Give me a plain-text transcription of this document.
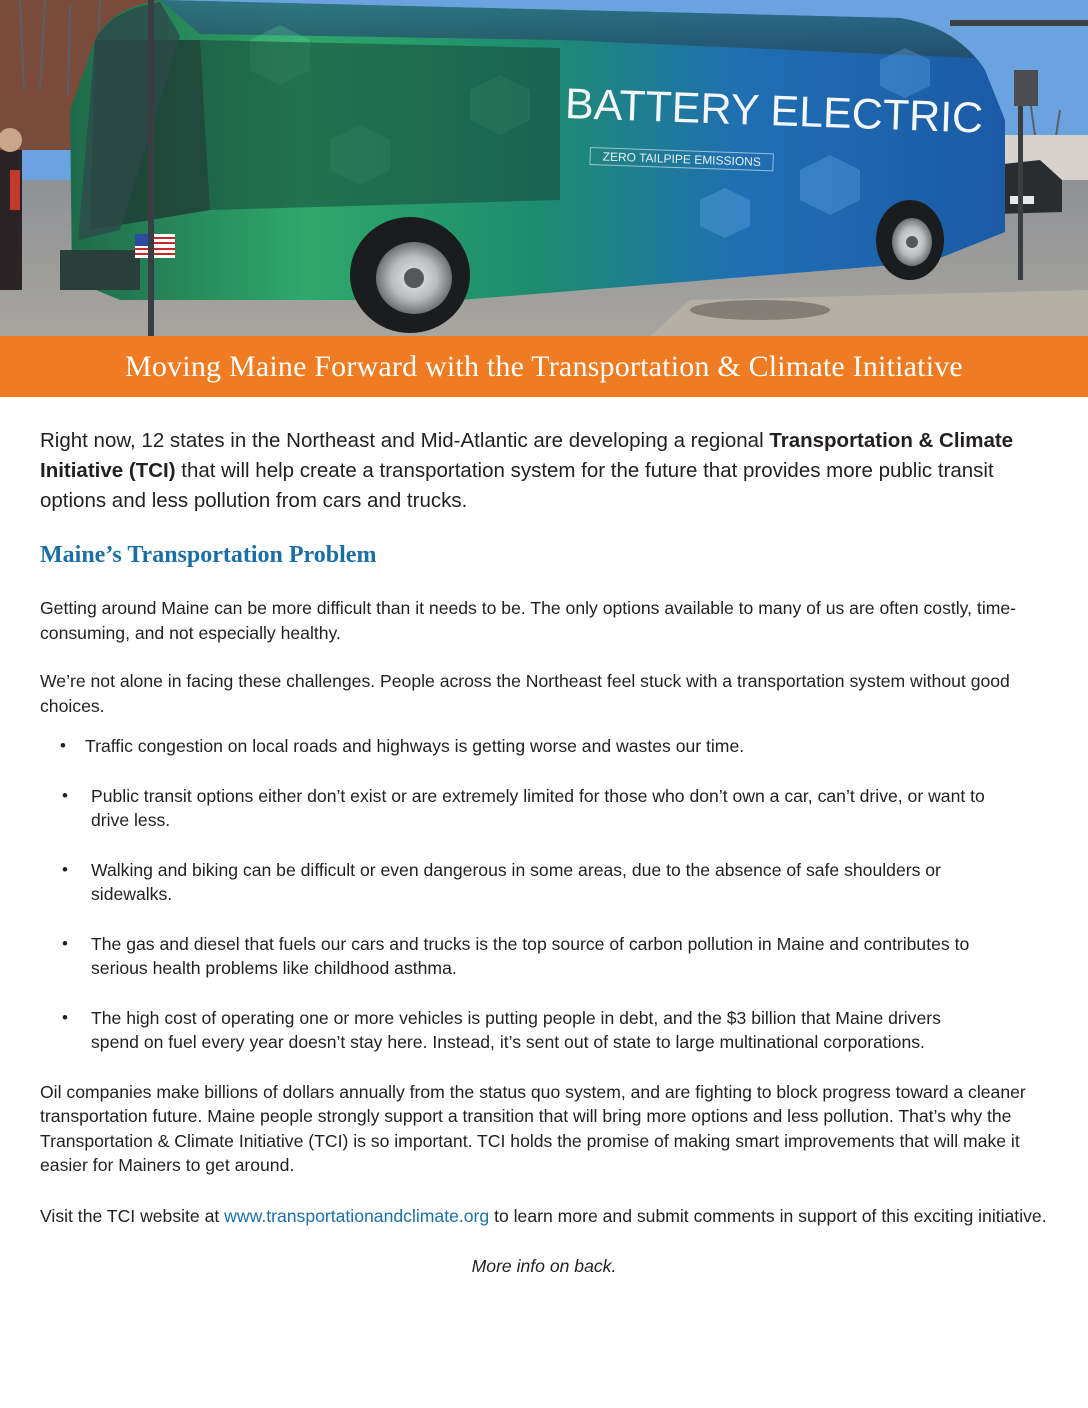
BATTERY ELECTRIC

ZERO TAILPIPE EMISSIONS
Moving Maine Forward with the Transportation & Climate Initiative

Right now, 12 states in the Northeast and Mid-Atlantic are developing a regional Transportation & Climate Initiative (TCI) that will help create a transportation system for the future that provides more public transit options and less pollution from cars and trucks.

Maine’s Transportation Problem

Getting around Maine can be more difficult than it needs to be. The only options available to many of us are often costly, time-consuming, and not especially healthy.

We’re not alone in facing these challenges. People across the Northeast feel stuck with a transportation system without good choices.

• Traffic congestion on local roads and highways is getting worse and wastes our time.
• Public transit options either don’t exist or are extremely limited for those who don’t own a car, can’t drive, or want to drive less.
• Walking and biking can be difficult or even dangerous in some areas, due to the absence of safe shoulders or sidewalks.
• The gas and diesel that fuels our cars and trucks is the top source of carbon pollution in Maine and contributes to serious health problems like childhood asthma.
• The high cost of operating one or more vehicles is putting people in debt, and the $3 billion that Maine drivers spend on fuel every year doesn’t stay here. Instead, it’s sent out of state to large multinational corporations.

Oil companies make billions of dollars annually from the status quo system, and are fighting to block progress toward a cleaner transportation future. Maine people strongly support a transition that will bring more options and less pollution. That’s why the Transportation & Climate Initiative (TCI) is so important. TCI holds the promise of making smart improvements that will make it easier for Mainers to get around.

Visit the TCI website at www.transportationandclimate.org to learn more and submit comments in support of this exciting initiative.

More info on back.
